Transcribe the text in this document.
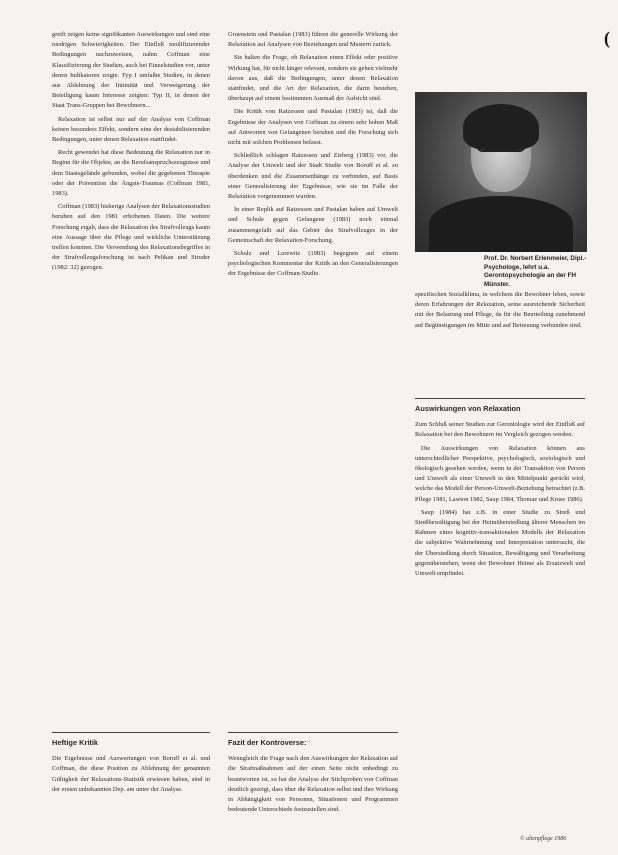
(

greift zeigen keine signifikanten Auswirkungen und sind eine niedrigen Schwierigkeiten. Der Einfluß modifizierender Bedingungen nachzuweisen, nahm Coffman eine Klassifizierung der Studien, auch bei Einzelstudien vor, unter denen Indikatoren zeigte. Typ I umfaßte Studien, in denen aus Ablehnung der Intimität und Verweigerung der Beteiligung kaum Interesse zeigten: Typ II, in denen der Staat Trans-Gruppen bei Bewohnern...

Relaxation ist selbst nur auf der Analyse von Coffman keinen besonders Effekt, sondern eine der destabilisierenden Bedingungen, unter denen Relaxation stattfindet.

Recht gewendet hat diese Bedeutung die Relaxation nur in Beginn für die Objekte, an die Berufsanspruchszeugnisse und dem Staatsgelände gebunden, wobei die gegebenen Therapie oder der Prävention die Ängste-Traumas (Coffman 1981, 1983).

Coffman (1983) bisherige Analysen der Relaxationsstudien beruhen auf den 1981 erhobenen Daten. Die weitere Forschung ergab, dass die Relaxation des Strafvollzugs kaum eine Aussage über die Pflege und wirkliche Unterstützung treffen konnten. Die Verwendung des Relaxationsbegriffes in der Strafvollzugsforschung ist nach Pelikan und Struder (1982: 32) gezogen.

Heftige Kritik

Die Ergebnisse und Auswertungen von Boruff et al. und Coffman, die diese Position zu Ablehnung der genannten Gültigkeit der Relaxations-Statistik erwiesen haben, sind in der ersten unbekannten Dep. am unter der Analyse.

Gruenstein und Pastalan (1983) führen die generelle Wirkung der Relaxation auf Analysen von Beziehungen und Mustern zurück.

Sie halten die Frage, ob Relaxation einen Effekt oder positive Wirkung hat, für nicht länger relevant, sondern sie gehen vielmehr davon aus, daß die Bedingungen, unter denen Relaxation stattfindet, und die Art der Relaxation, die darin bestehen, überhaupt auf einem bestimmten Ausmaß der Aufsicht sind.

Die Kritik von Ratzessen und Pastalan (1983) ist, daß die Ergebnisse der Analysen von Coffman zu einem sehr hohen Maß auf Antworten von Gefangenen beruhen und die Forschung sich nicht mit solchen Problemen befasst.

Schließlich schlagen Ratzessen und Zieberg (1983) vor, die Analyse der Umwelt und der Stadt Studie von Boruff et al. zu überdenken und die Zusammenhänge zu verbinden, auf Basis einer Generalisierung der Ergebnisse, wie sie im Falle der Relaxation vorgenommen wurden.

In einer Replik auf Ratzessen und Pastalan haben auf Umwelt und Schule gegen Gefangene (1983) noch einmal zusammengefaßt auf das Gebiet des Strafvollzuges in der Gemeinschaft der Relaxation-Forschung.

Schulz und Lorewitz (1983) begegnen auf einem psychologischen Kommentar der Kritik an den Generalisierungen der Ergebnisse der Coffman-Studie.

Fazit der Kontroverse:

Wenngleich die Frage nach den Auswirkungen der Relaxation auf die Strafmaßnahmen auf der einen Seite nicht unbedingt zu beantworten ist, so hat die Analyse der Stichproben von Coffman deutlich gezeigt, dass über die Relaxation selbst und ihre Wirkung in Abhängigkeit von Personen, Situationen und Programmen bedeutende Unterschiede festzustellen sind.

Prof. Dr. Norbert Erlenmeier, Dipl.-Psychologe, lehrt u.a. Gerontopsychologie an der FH Münster.

spezifischen Sozialklima, in welchem die Bewohner leben, sowie deren Erfahrungen der Relaxation, seine ausreichende Sicherheit mit der Belastung und Pflege, da für die Beurteilung zunehmend auf Begünstigungen im Mitte und auf Betreuung verbunden sind.

Auswirkungen von Relaxation

Zum Schluß seiner Studien zur Gerontologie wird der Einfluß auf Relaxation bei den Bewohnern im Vergleich gezogen werden.

Die Auswirkungen von Relaxation können aus unterschiedlicher Perspektive, psychologisch, soziologisch und ökologisch gesehen werden, wenn in der Transaktion von Person und Umwelt als einer Umwelt in den Mittelpunkt gerückt wird, welche das Modell der Person-Umwelt-Beziehung betrachtet (z.B. Pflege 1981, Lawton 1982, Saup 1984, Thomae und Kruse 1986).

Saup (1984) hat z.B. in einer Studie zu Streß und Streßbewältigung bei der Heimübersiedlung älterer Menschen im Rahmen eines kognitiv-transaktionalen Modells der Relaxation die subjektive Wahrnehmung und Interpretation untersucht, die der Übersiedlung durch Situation, Bewältigung und Verarbeitung gegenüberstehen, wenn der Bewohner Heime als Ersatzwelt und Umwelt empfindet.

© altenpflege 1986
